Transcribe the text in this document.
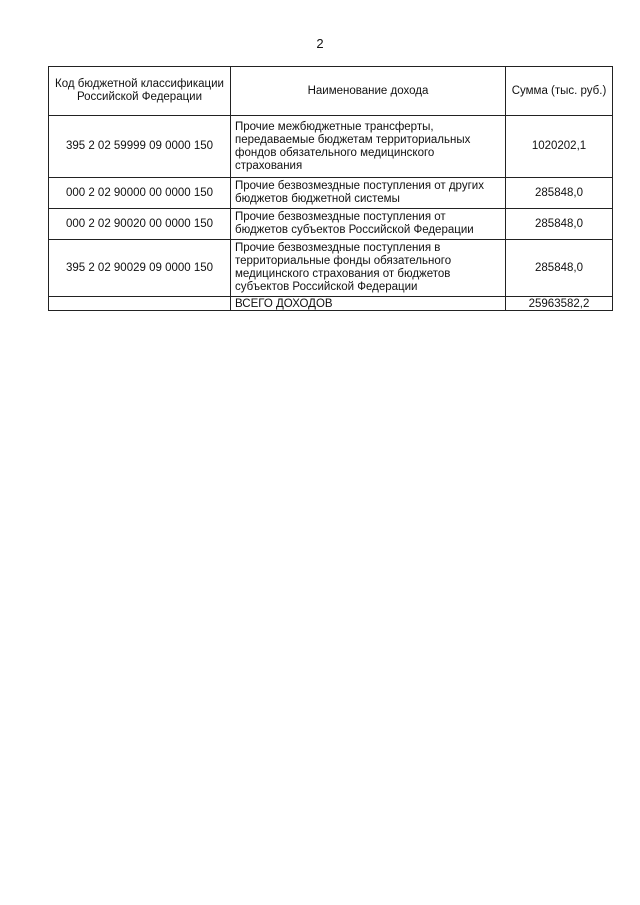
2
Код бюджетной классификации Российской Федерации	Наименование дохода	Сумма (тыс. руб.)
395 2 02 59999 09 0000 150	Прочие межбюджетные трансферты, передаваемые бюджетам территориальных фондов обязательного медицинского страхования	1020202,1
000 2 02 90000 00 0000 150	Прочие безвозмездные поступления от других бюджетов бюджетной системы	285848,0
000 2 02 90020 00 0000 150	Прочие безвозмездные поступления от бюджетов субъектов Российской Федерации	285848,0
395 2 02 90029 09 0000 150	Прочие безвозмездные поступления в территориальные фонды обязательного медицинского страхования от бюджетов субъектов Российской Федерации	285848,0
	ВСЕГО ДОХОДОВ	25963582,2
